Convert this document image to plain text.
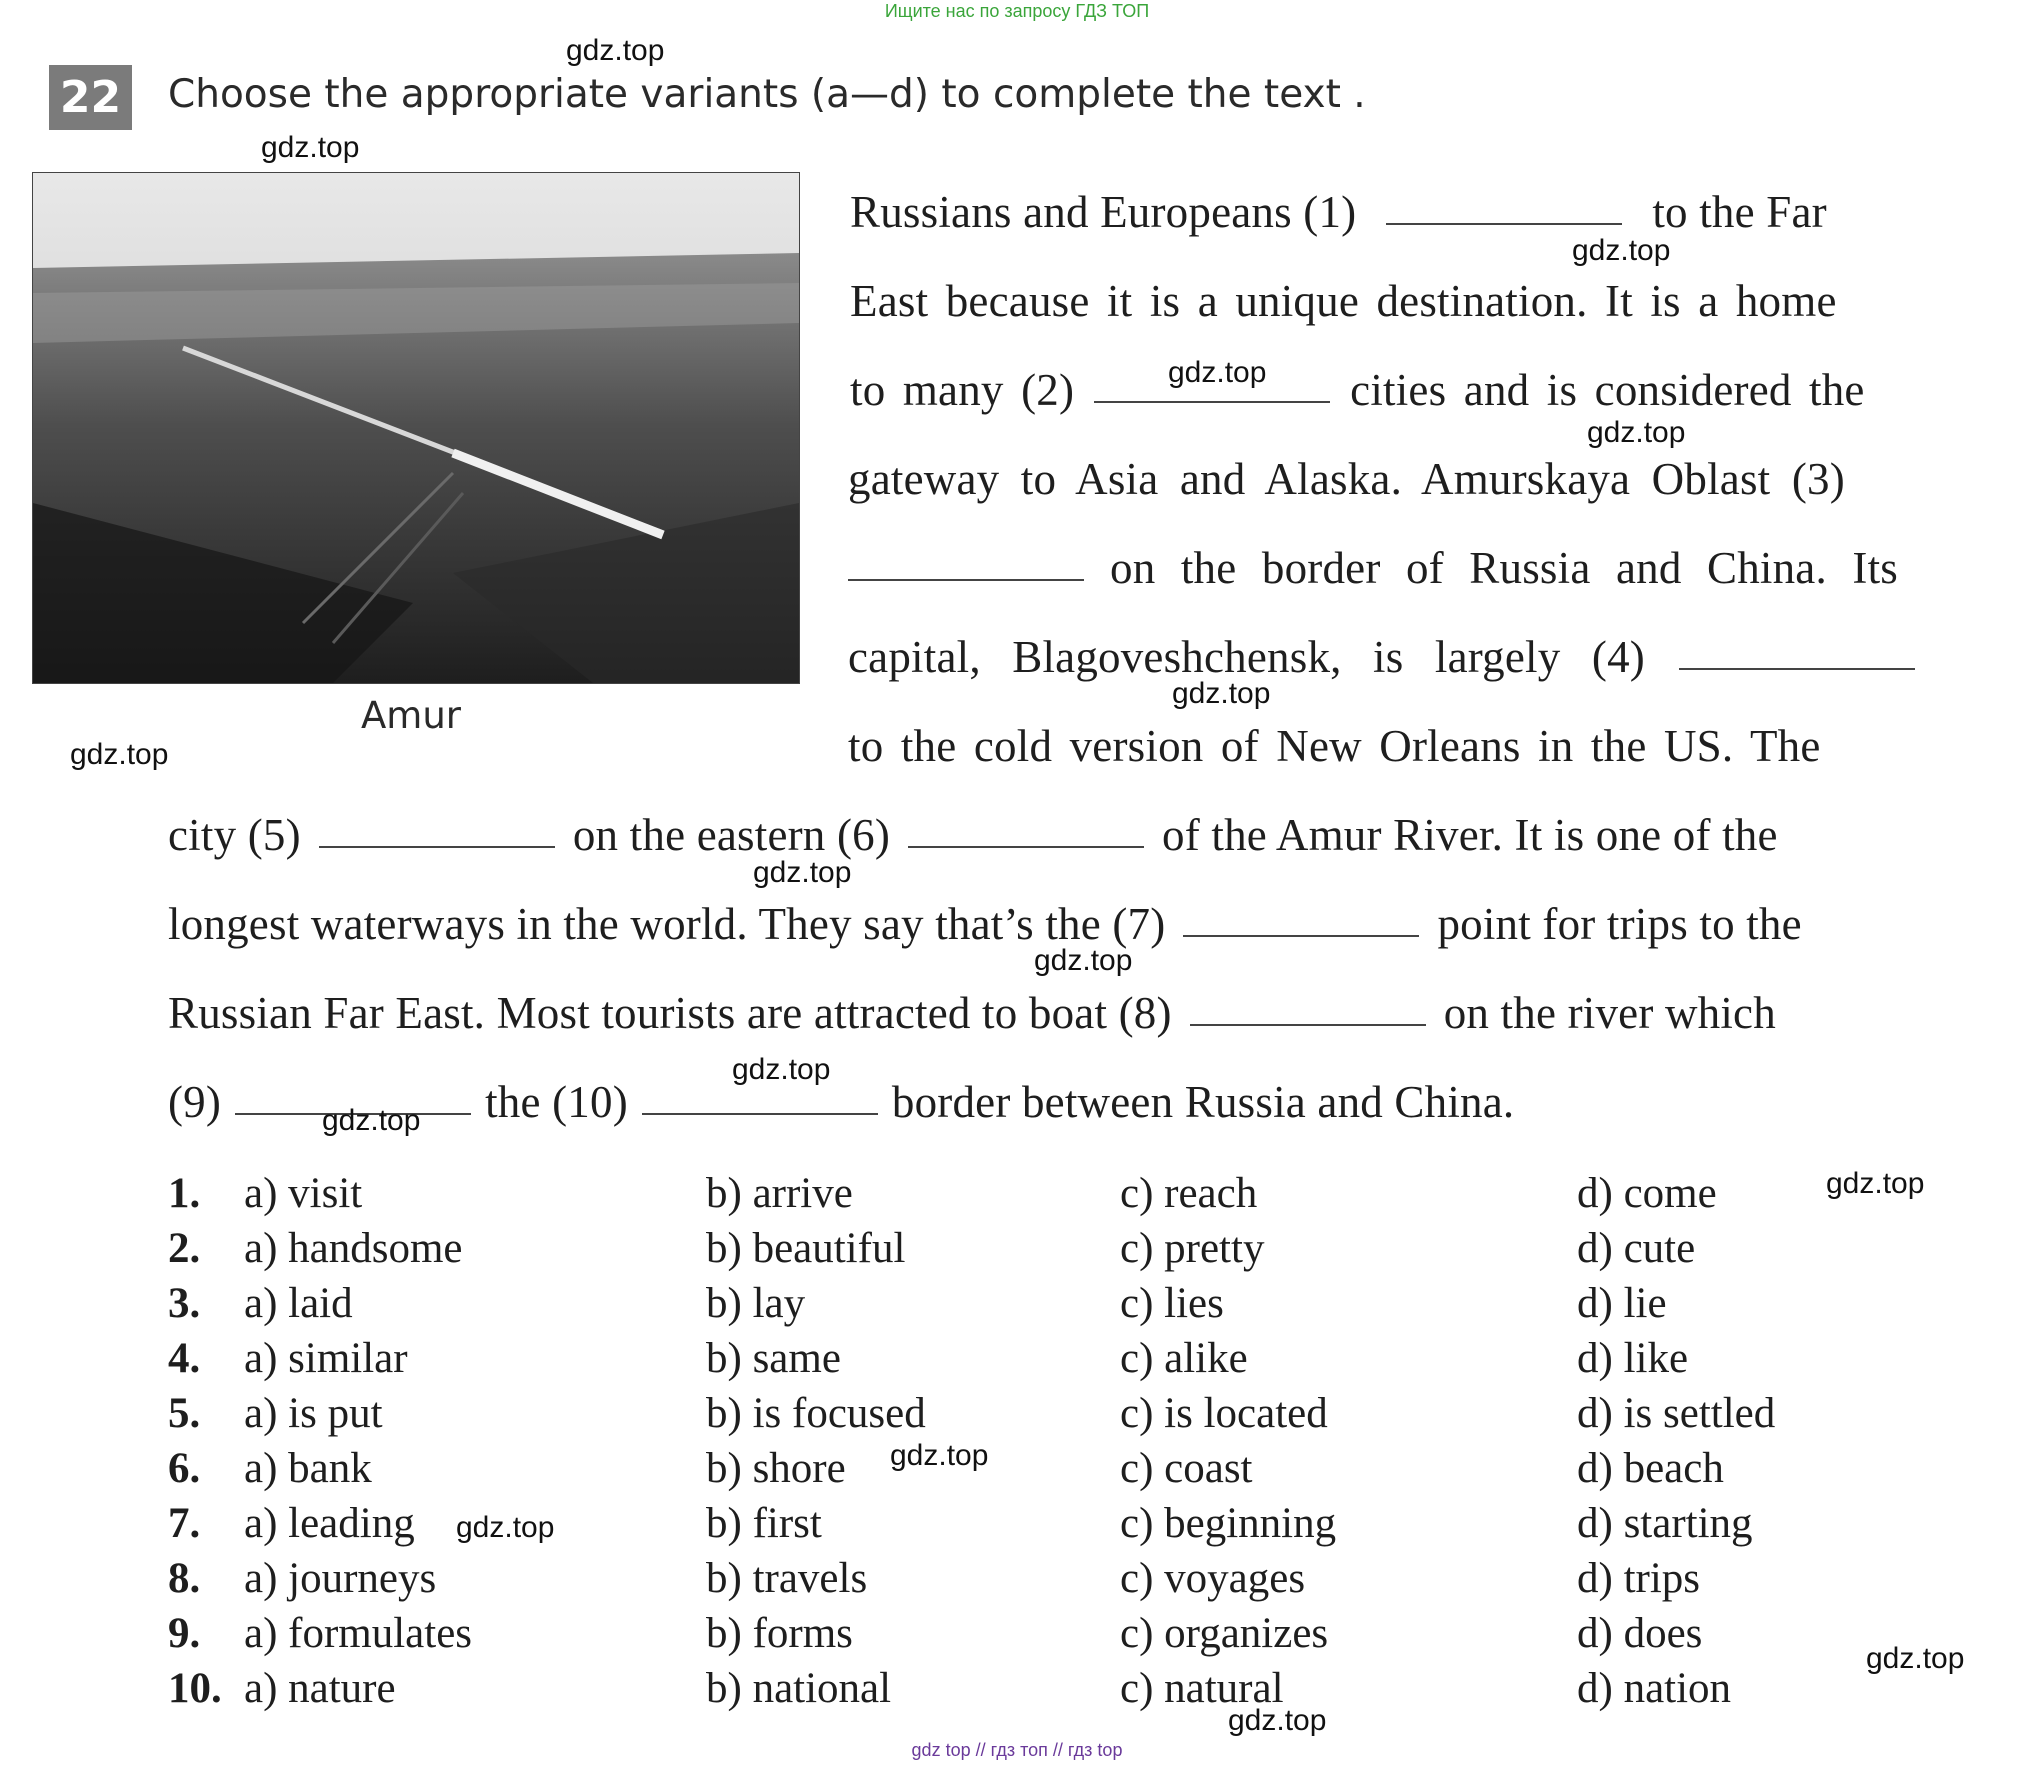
Ищите нас по запросу ГДЗ ТОП
22 Choose the appropriate variants (a—d) to complete the text .
Amur
Russians and Europeans (1)	to the Far
East because it is a unique destination. It is a home
to many (2)	cities and is considered the
gateway to Asia and Alaska. Amurskaya Oblast (3)
on the border of Russia and China. Its
capital, Blagoveshchensk, is largely (4)
to the cold version of New Orleans in the US. The
city (5)	on the eastern (6)	of the Amur River. It is one of the
longest waterways in the world. They say that’s the (7)	point for trips to the
Russian Far East. Most tourists are attracted to boat (8)	on the river which
(9)	the (10)	border between Russia and China.
1. a) visit	b) arrive	c) reach	d) come
2. a) handsome	b) beautiful	c) pretty	d) cute
3. a) laid	b) lay	c) lies	d) lie
4. a) similar	b) same	c) alike	d) like
5. a) is put	b) is focused	c) is located	d) is settled
6. a) bank	b) shore	c) coast	d) beach
7. a) leading	b) first	c) beginning	d) starting
8. a) journeys	b) travels	c) voyages	d) trips
9. a) formulates	b) forms	c) organizes	d) does
10. a) nature	b) national	c) natural	d) nation
gdz.top
gdz.top
gdz.top
gdz.top
gdz.top
gdz.top
gdz.top
gdz.top
gdz.top
gdz.top
gdz.top
gdz.top
gdz.top
gdz.top
gdz.top
gdz.top
gdz top // гдз топ // гдз top
